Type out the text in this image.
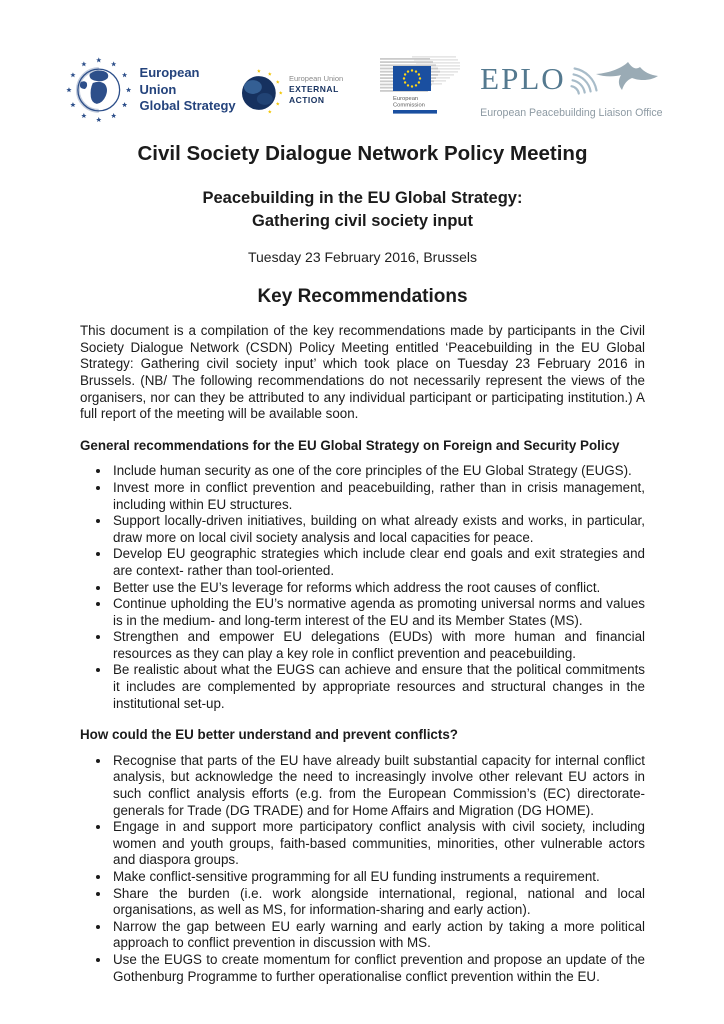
European Union
Global Strategy
European Union
EXTERNAL ACTION	European
Commission
EPLO
European Peacebuilding Liaison Office
Civil Society Dialogue Network Policy Meeting
Peacebuilding in the EU Global Strategy:
Gathering civil society input
Tuesday 23 February 2016, Brussels
Key Recommendations

This document is a compilation of the key recommendations made by participants in the Civil Society Dialogue Network (CSDN) Policy Meeting entitled ‘Peacebuilding in the EU Global Strategy: Gathering civil society input’ which took place on Tuesday 23 February 2016 in Brussels. (NB/ The following recommendations do not necessarily represent the views of the organisers, nor can they be attributed to any individual participant or participating institution.) A full report of the meeting will be available soon.

General recommendations for the EU Global Strategy on Foreign and Security Policy
• Include human security as one of the core principles of the EU Global Strategy (EUGS).
• Invest more in conflict prevention and peacebuilding, rather than in crisis management, including within EU structures.
• Support locally-driven initiatives, building on what already exists and works, in particular, draw more on local civil society analysis and local capacities for peace.
• Develop EU geographic strategies which include clear end goals and exit strategies and are context- rather than tool-oriented.
• Better use the EU’s leverage for reforms which address the root causes of conflict.
• Continue upholding the EU’s normative agenda as promoting universal norms and values is in the medium- and long-term interest of the EU and its Member States (MS).
• Strengthen and empower EU delegations (EUDs) with more human and financial resources as they can play a key role in conflict prevention and peacebuilding.
• Be realistic about what the EUGS can achieve and ensure that the political commitments it includes are complemented by appropriate resources and structural changes in the institutional set-up.
How could the EU better understand and prevent conflicts?
• Recognise that parts of the EU have already built substantial capacity for internal conflict analysis, but acknowledge the need to increasingly involve other relevant EU actors in such conflict analysis efforts (e.g. from the European Commission’s (EC) directorate-generals for Trade (DG TRADE) and for Home Affairs and Migration (DG HOME).
• Engage in and support more participatory conflict analysis with civil society, including women and youth groups, faith-based communities, minorities, other vulnerable actors and diaspora groups.
• Make conflict-sensitive programming for all EU funding instruments a requirement.
• Share the burden (i.e. work alongside international, regional, national and local organisations, as well as MS, for information-sharing and early action).
• Narrow the gap between EU early warning and early action by taking a more political approach to conflict prevention in discussion with MS.
• Use the EUGS to create momentum for conflict prevention and propose an update of the Gothenburg Programme to further operationalise conflict prevention within the EU.
